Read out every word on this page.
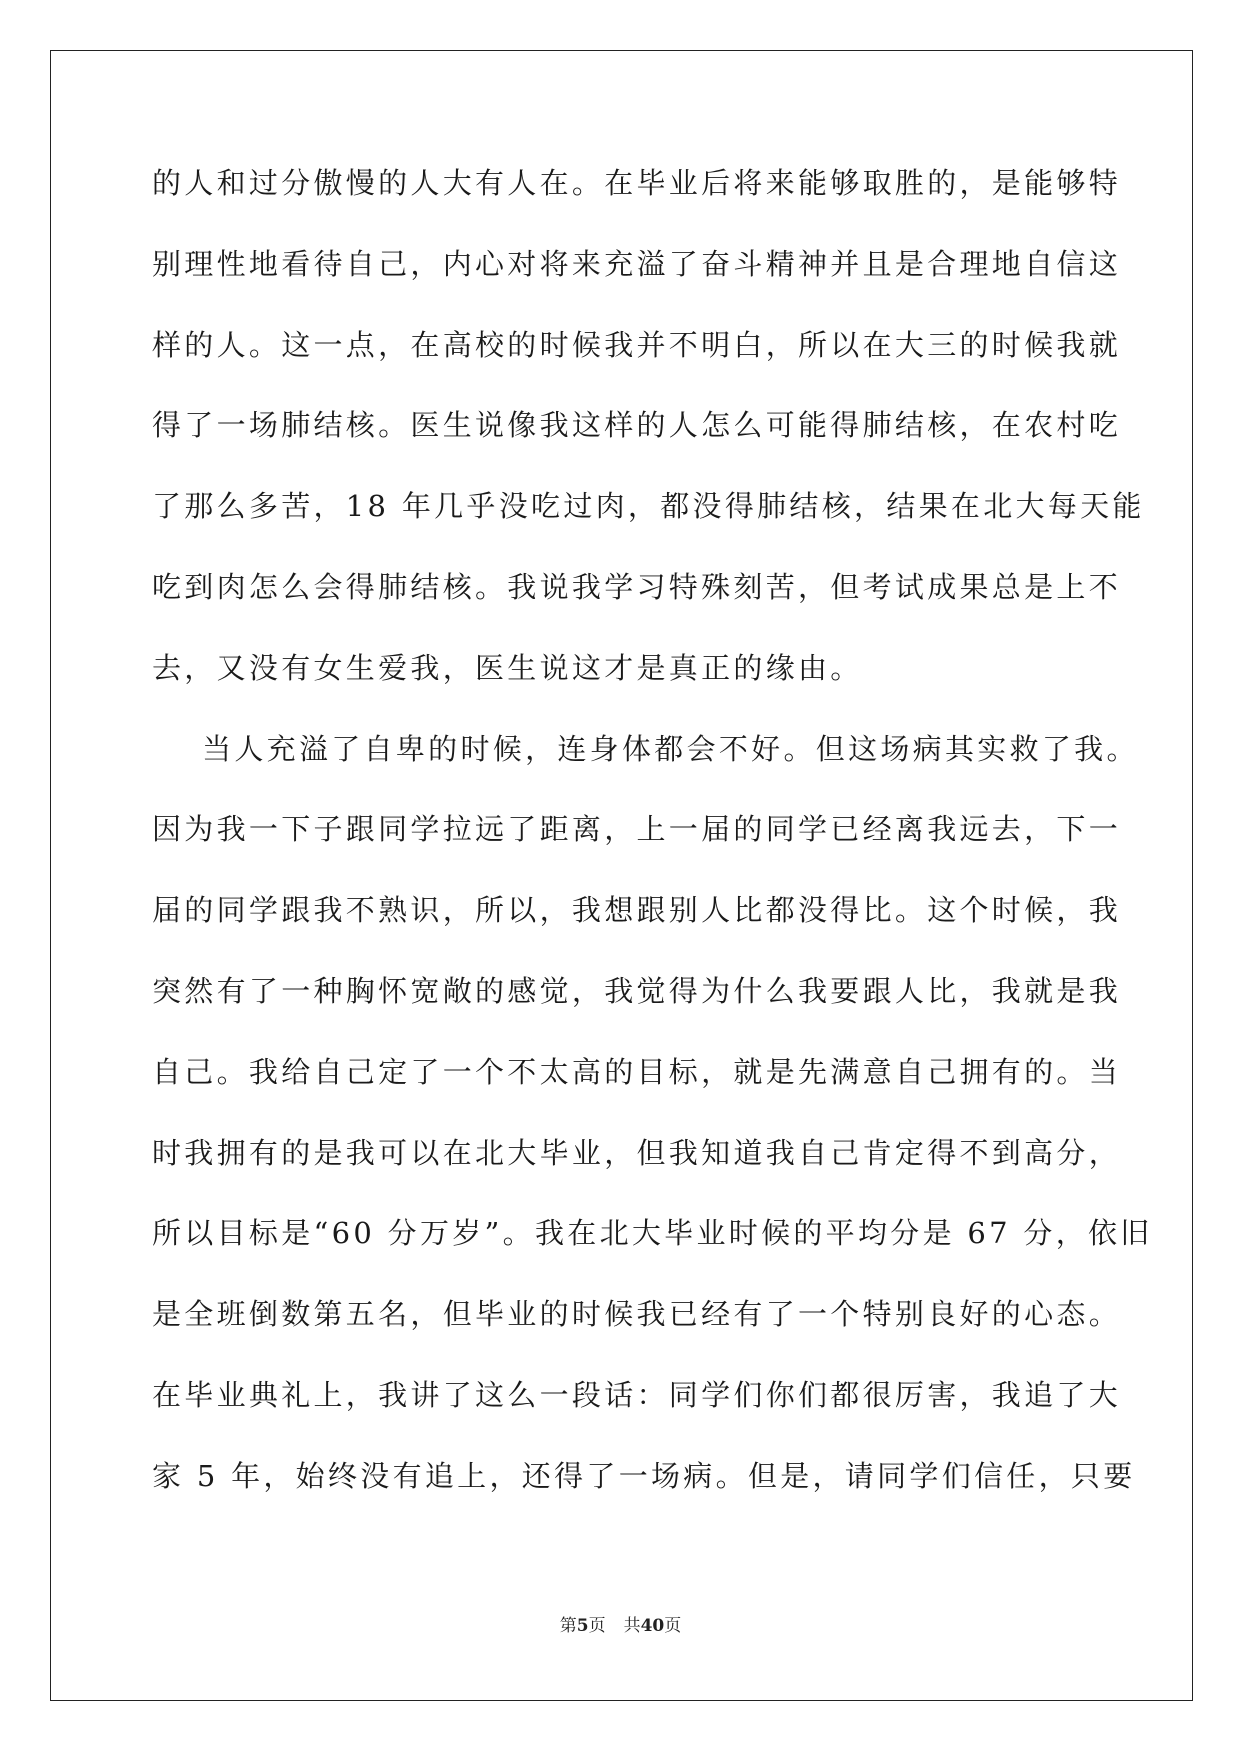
的人和过分傲慢的人大有人在。在毕业后将来能够取胜的，是能够特
别理性地看待自己，内心对将来充溢了奋斗精神并且是合理地自信这
样的人。这一点，在高校的时候我并不明白，所以在大三的时候我就
得了一场肺结核。医生说像我这样的人怎么可能得肺结核，在农村吃
了那么多苦，18 年几乎没吃过肉，都没得肺结核，结果在北大每天能
吃到肉怎么会得肺结核。我说我学习特殊刻苦，但考试成果总是上不
去，又没有女生爱我，医生说这才是真正的缘由。
当人充溢了自卑的时候，连身体都会不好。但这场病其实救了我。
因为我一下子跟同学拉远了距离，上一届的同学已经离我远去，下一
届的同学跟我不熟识，所以，我想跟别人比都没得比。这个时候，我
突然有了一种胸怀宽敞的感觉，我觉得为什么我要跟人比，我就是我
自己。我给自己定了一个不太高的目标，就是先满意自己拥有的。当
时我拥有的是我可以在北大毕业，但我知道我自己肯定得不到高分，
所以目标是“60 分万岁”。我在北大毕业时候的平均分是 67 分，依旧
是全班倒数第五名，但毕业的时候我已经有了一个特别良好的心态。
在毕业典礼上，我讲了这么一段话：同学们你们都很厉害，我追了大
家 5 年，始终没有追上，还得了一场病。但是，请同学们信任，只要
第5页 共40页
